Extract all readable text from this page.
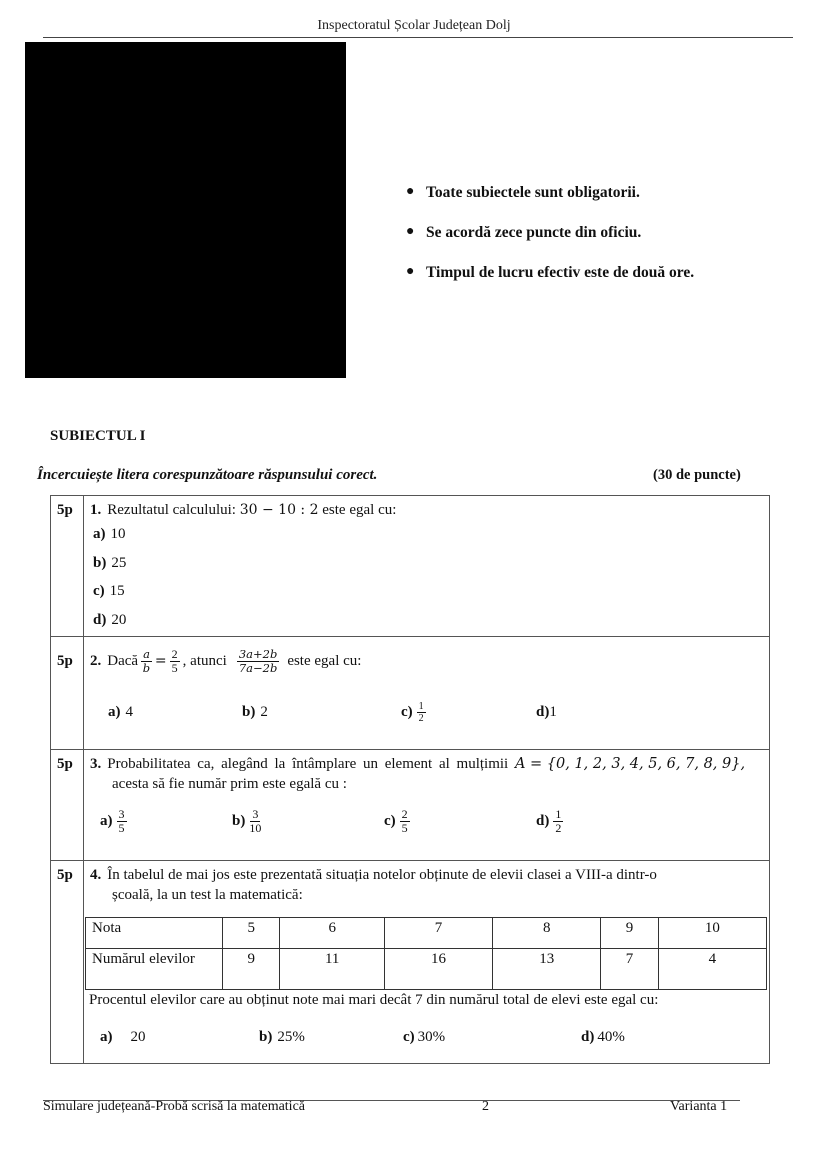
Inspectoratul Școlar Județean Dolj
● Toate subiectele sunt obligatorii.
● Se acordă zece puncte din oficiu.
● Timpul de lucru efectiv este de două ore.
SUBIECTUL I
Încercuiește litera corespunzătoare răspunsului corect.	(30 de puncte)
5p	1. Rezultatul calculului: 30 − 10 : 2 este egal cu:
a) 10
b) 25
c) 15
d) 20
5p	2. Dacă $\frac{a}{b} = \frac{2}{5}$ , atunci $\frac{3a+2b}{7a-2b}$ este egal cu:
a) 4	b) 2	$c) \frac{1}{2}$	d) 1
5p	3. Probabilitatea ca, alegând la întâmplare un element al mulțimii A = {0, 1, 2, 3, 4, 5, 6, 7, 8, 9},
acesta să fie număr prim este egală cu :
$a) \frac{3}{5}$	$b) \frac{3}{10}$	$c) \frac{2}{5}$	$d) \frac{1}{2}$
5p	4. În tabelul de mai jos este prezentată situația notelor obținute de elevii clasei a VIII-a dintr-o
școală, la un test la matematică:
Nota	5	6	7	8	9	10
Numărul elevilor	9	11	16	13	7	4
Procentul elevilor care au obținut note mai mari decât 7 din numărul total de elevi este egal cu:
a) 20	b) 25%	c) 30%	d) 40%
Simulare județeană-Probă scrisă la matematică	2	Varianta 1
